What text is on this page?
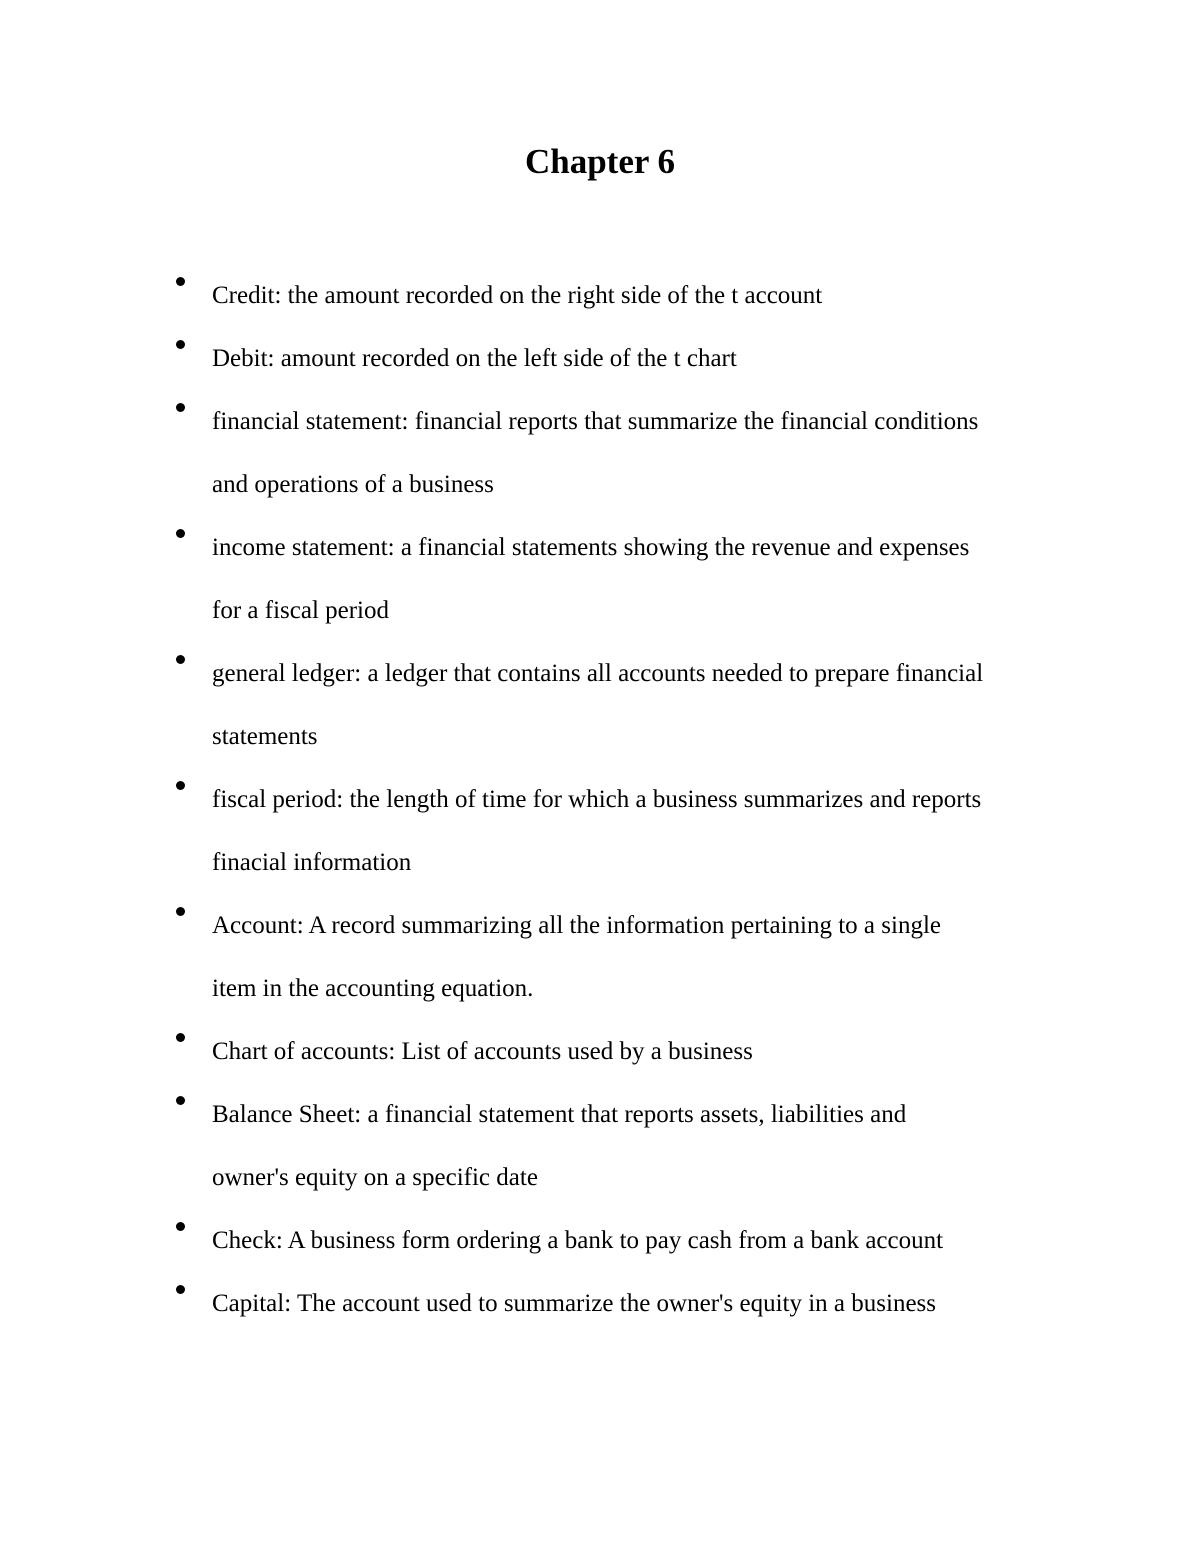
Chapter 6
Credit: the amount recorded on the right side of the t account
Debit: amount recorded on the left side of the t chart
financial statement: financial reports that summarize the financial conditions
and operations of a business
income statement: a financial statements showing the revenue and expenses
for a fiscal period
general ledger: a ledger that contains all accounts needed to prepare financial
statements
fiscal period: the length of time for which a business summarizes and reports
finacial information
Account: A record summarizing all the information pertaining to a single
item in the accounting equation.
Chart of accounts: List of accounts used by a business
Balance Sheet: a financial statement that reports assets, liabilities and
owner's equity on a specific date
Check: A business form ordering a bank to pay cash from a bank account
Capital: The account used to summarize the owner's equity in a business
